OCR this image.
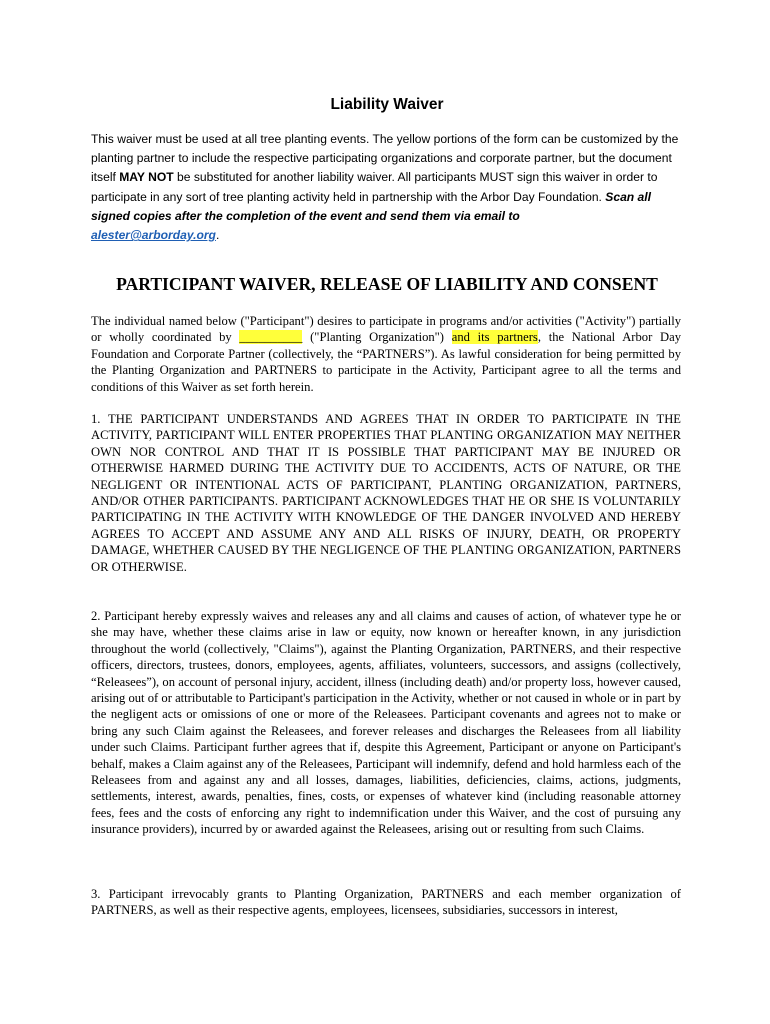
Liability Waiver
This waiver must be used at all tree planting events. The yellow portions of the form can be customized by the planting partner to include the respective participating organizations and corporate partner, but the document itself MAY NOT be substituted for another liability waiver. All participants MUST sign this waiver in order to participate in any sort of tree planting activity held in partnership with the Arbor Day Foundation. Scan all signed copies after the completion of the event and send them via email to
alester@arborday.org.
PARTICIPANT WAIVER, RELEASE OF LIABILITY AND CONSENT

The individual named below ("Participant") desires to participate in programs and/or activities ("Activity") partially or wholly coordinated by __________ ("Planting Organization") and its partners, the National Arbor Day Foundation and Corporate Partner (collectively, the “PARTNERS”). As lawful consideration for being permitted by the Planting Organization and PARTNERS to participate in the Activity, Participant agree to all the terms and conditions of this Waiver as set forth herein.

1. THE PARTICIPANT UNDERSTANDS AND AGREES THAT IN ORDER TO PARTICIPATE IN THE ACTIVITY, PARTICIPANT WILL ENTER PROPERTIES THAT PLANTING ORGANIZATION MAY NEITHER OWN NOR CONTROL AND THAT IT IS POSSIBLE THAT PARTICIPANT MAY BE INJURED OR OTHERWISE HARMED DURING THE ACTIVITY DUE TO ACCIDENTS, ACTS OF NATURE, OR THE NEGLIGENT OR INTENTIONAL ACTS OF PARTICIPANT, PLANTING ORGANIZATION, PARTNERS, AND/OR OTHER PARTICIPANTS. PARTICIPANT ACKNOWLEDGES THAT HE OR SHE IS VOLUNTARILY PARTICIPATING IN THE ACTIVITY WITH KNOWLEDGE OF THE DANGER INVOLVED AND HEREBY AGREES TO ACCEPT AND ASSUME ANY AND ALL RISKS OF INJURY, DEATH, OR PROPERTY DAMAGE, WHETHER CAUSED BY THE NEGLIGENCE OF THE PLANTING ORGANIZATION, PARTNERS OR OTHERWISE.

2. Participant hereby expressly waives and releases any and all claims and causes of action, of whatever type he or she may have, whether these claims arise in law or equity, now known or hereafter known, in any jurisdiction throughout the world (collectively, "Claims"), against the Planting Organization, PARTNERS, and their respective officers, directors, trustees, donors, employees, agents, affiliates, volunteers, successors, and assigns (collectively, “Releasees”), on account of personal injury, accident, illness (including death) and/or property loss, however caused, arising out of or attributable to Participant's participation in the Activity, whether or not caused in whole or in part by the negligent acts or omissions of one or more of the Releasees. Participant covenants and agrees not to make or bring any such Claim against the Releasees, and forever releases and discharges the Releasees from all liability under such Claims. Participant further agrees that if, despite this Agreement, Participant or anyone on Participant's behalf, makes a Claim against any of the Releasees, Participant will indemnify, defend and hold harmless each of the Releasees from and against any and all losses, damages, liabilities, deficiencies, claims, actions, judgments, settlements, interest, awards, penalties, fines, costs, or expenses of whatever kind (including reasonable attorney fees, fees and the costs of enforcing any right to indemnification under this Waiver, and the cost of pursuing any insurance providers), incurred by or awarded against the Releasees, arising out or resulting from such Claims.

3. Participant irrevocably grants to Planting Organization, PARTNERS and each member organization of PARTNERS, as well as their respective agents, employees, licensees, subsidiaries, successors in interest,
